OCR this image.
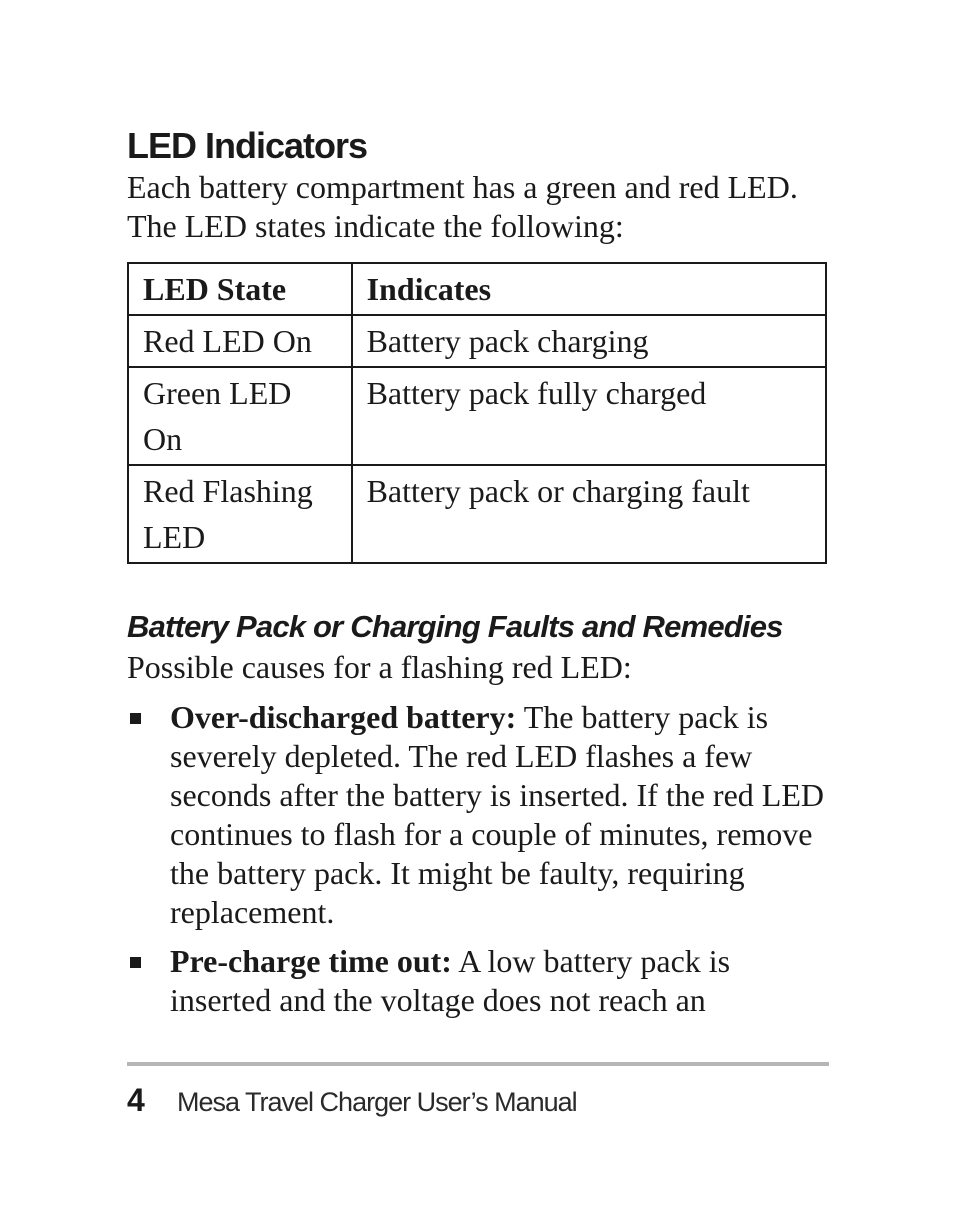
LED Indicators

Each battery compartment has a green and red LED. The LED states indicate the following:

LED State	Indicates
Red LED On	Battery pack charging
Green LED On	Battery pack fully charged
Red Flashing LED	Battery pack or charging fault
Battery Pack or Charging Faults and Remedies

Possible causes for a flashing red LED:

Over-discharged battery: The battery pack is severely depleted. The red LED flashes a few seconds after the battery is inserted. If the red LED continues to flash for a couple of minutes, remove the battery pack. It might be faulty, requiring replacement.
Pre-charge time out: A low battery pack is inserted and the voltage does not reach an
4 Mesa Travel Charger User’s Manual
